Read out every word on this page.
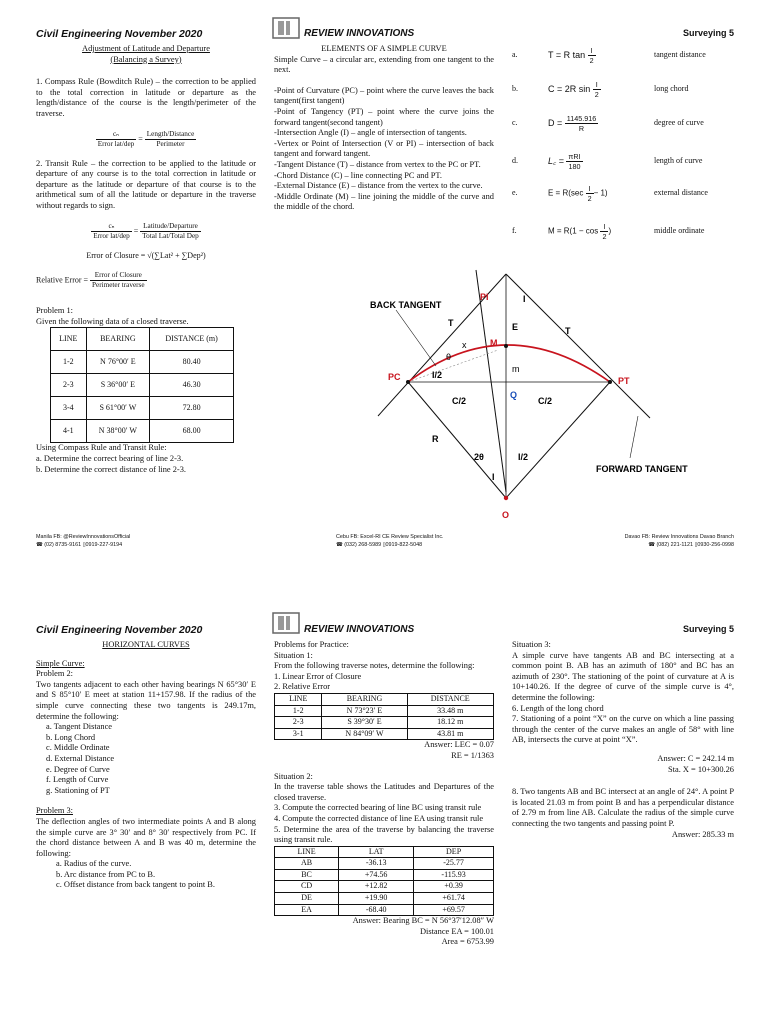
Civil Engineering November 2020	REVIEW INNOVATIONS	Surveying 5
Adjustment of Latitude and Departure
(Balancing a Survey)
1. Compass Rule (Bowditch Rule) – the correction to be applied to the total correction in latitude or departure as the length/distance of the course is the length/perimeter of the traverse.
$\frac{\text{cₙ}}{\text{Error lat/dep}} = \frac{\text{Length/Distance}}{\text{Perimeter}}$
2. Transit Rule – the correction to be applied to the latitude or departure of any course is to the total correction in latitude or departure as the latitude or departure of that course is to the arithmetical sum of all the latitude or departure in the traverse without regards to sign.
$\frac{\text{cₙ}}{\text{Error lat/dep}} = \frac{\text{Latitude/Departure}}{\text{Total Lat/Total Dep}}$
Error of Closure = √(∑Lat² + ∑Dep²)
Relative Error = $\frac{\text{Error of Closure}}{\text{Perimeter traverse}}$
Problem 1:
Given the following data of a closed traverse.
LINE	BEARING	DISTANCE (m)
1-2	N 76°00′ E	80.40
2-3	S 36°00′ E	46.30
3-4	S 61°00′ W	72.80
4-1	N 38°00′ W	68.00
Using Compass Rule and Transit Rule:
a. Determine the correct bearing of line 2-3.
b. Determine the correct distance of line 2-3.
ELEMENTS OF A SIMPLE CURVE
Simple Curve – a circular arc, extending from one tangent to the next.
-Point of Curvature (PC) – point where the curve leaves the back tangent(first tangent)
-Point of Tangency (PT) – point where the curve joins the forward tangent(second tangent)
-Intersection Angle (I) – angle of intersection of tangents.
-Vertex or Point of Intersection (V or PI) – intersection of back tangent and forward tangent.
-Tangent Distance (T) – distance from vertex to the PC or PT.
-Chord Distance (C) – line connecting PC and PT.
-External Distance (E) – distance from the vertex to the curve.
-Middle Ordinate (M) – line joining the middle of the curve and the middle of the chord.
a.	T = R $\tan \frac{I}{2}$	tangent distance
b.	C = 2R $\sin \frac{I}{2}$	long chord
c.	$D = \frac{1145.916}{R}$	degree of curve
d.	L꜀ = $\frac{\text{πRI}}{180}$	length of curve
e.	$E = R(\sec \frac{I}{2} - 1)$	external distance
f.	$M = R(1 - \cos \frac{I}{2}$ )	middle ordinate
BACK TANGENT
PI	I
T
T
E
M
x
θ
m
PC	PT
I/2
Q
C/2	C/2
R
2θ	I/2
I
O
FORWARD TANGENT
Manila FB: @ReviewInnovationsOfficial
☎ (02) 8735-9161 ▯0919-227-9194
Cebu FB: Excel-RI CE Review Specialist Inc.
☎ (032) 268-5989 ▯0919-822-5048
Davao FB: Review Innovations Davao Branch
☎ (082) 221-1121 ▯0930-256-0998
Civil Engineering November 2020	REVIEW INNOVATIONS	Surveying 5
HORIZONTAL CURVES
Simple Curve:
Problem 2:
Two tangents adjacent to each other having bearings N 65°30′ E and S 85°10′ E meet at station 11+157.98. If the radius of the simple curve connecting these two tangents is 249.17m, determine the following:
a. Tangent Distance
b. Long Chord
c. Middle Ordinate
d. External Distance
e. Degree of Curve
f. Length of Curve
g. Stationing of PT
Problem 3:
The deflection angles of two intermediate points A and B along the simple curve are 3° 30′ and 8° 30′ respectively from PC. If the chord distance between A and B was 40 m, determine the following:
a. Radius of the curve.
b. Arc distance from PC to B.
c. Offset distance from back tangent to point B.
Problems for Practice:
Situation 1:
From the following traverse notes, determine the following:
1. Linear Error of Closure
2. Relative Error
LINE	BEARING	DISTANCE
1-2	N 73°23′ E	33.48 m
2-3	S 39°30′ E	18.12 m
3-1	N 84°09′ W	43.81 m
Answer: LEC = 0.07
RE = 1/1363
Situation 2:
In the traverse table shows the Latitudes and Departures of the closed traverse.
3. Compute the corrected bearing of line BC using transit rule
4. Compute the corrected distance of line EA using transit rule
5. Determine the area of the traverse by balancing the traverse using transit rule.
LINE	LAT	DEP
AB	-36.13	-25.77
BC	+74.56	-115.93
CD	+12.82	+0.39
DE	+19.90	+61.74
EA	-68.40	+69.57
Answer: Bearing BC = N 56°37′12.08″ W
Distance EA = 100.01
Area = 6753.99
Situation 3:
A simple curve have tangents AB and BC intersecting at a common point B. AB has an azimuth of 180° and BC has an azimuth of 230°. The stationing of the point of curvature at A is 10+140.26. If the degree of curve of the simple curve is 4°, determine the following:
6. Length of the long chord
7. Stationing of a point “X” on the curve on which a line passing through the center of the curve makes an angle of 58° with line AB, intersects the curve at point “X”.
Answer: C = 242.14 m
Sta. X = 10+300.26
8. Two tangents AB and BC intersect at an angle of 24°. A point P is located 21.03 m from point B and has a perpendicular distance of 2.79 m from line AB. Calculate the radius of the simple curve connecting the two tangents and passing point P.
Answer: 285.33 m
